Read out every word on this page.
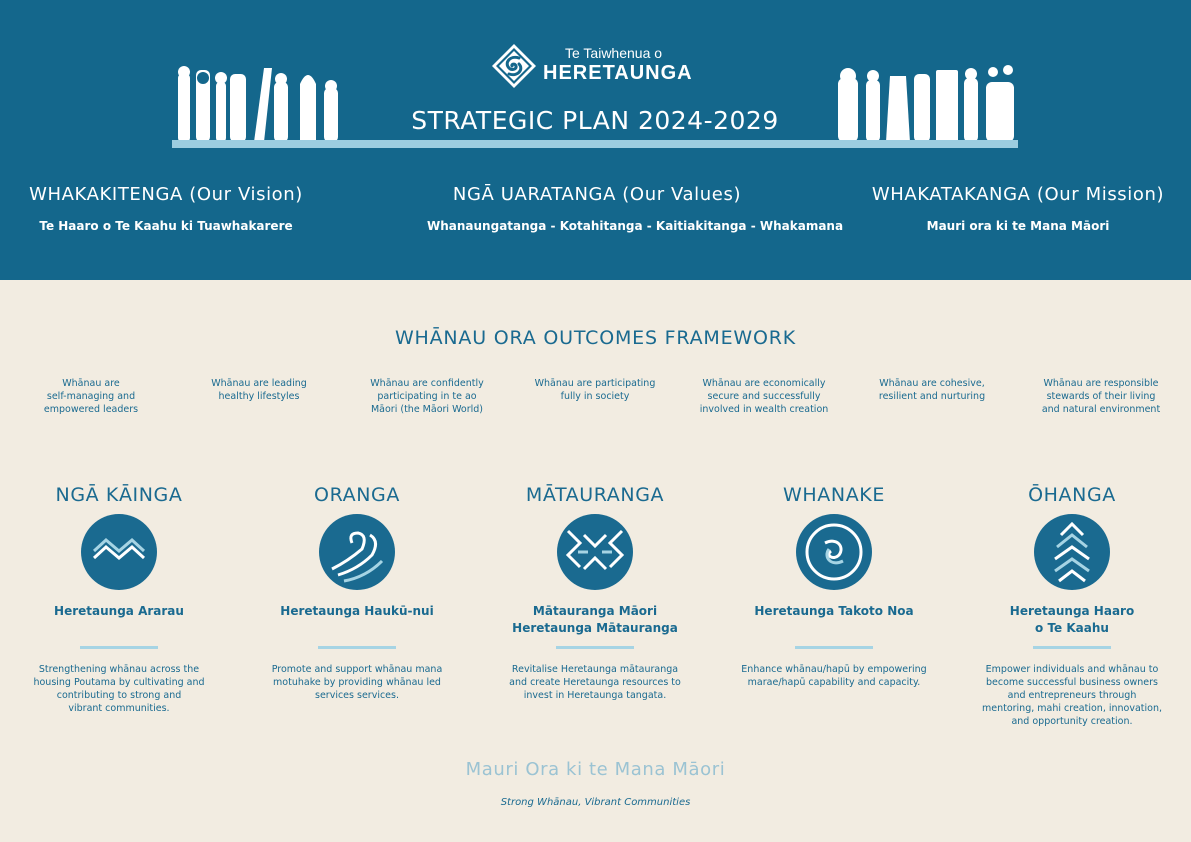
Te Taiwhenua o
HERETAUNGA
STRATEGIC PLAN 2024-2029
WHAKAKITENGA (Our Vision)
Te Haaro o Te Kaahu ki Tuawhakarere
NGĀ UARATANGA (Our Values)
Whanaungatanga - Kotahitanga - Kaitiakitanga - Whakamana
WHAKATAKANGA (Our Mission)
Mauri ora ki te Mana Māori
WHĀNAU ORA OUTCOMES FRAMEWORK
Whānau are
self-managing and
empowered leaders
Whānau are leading
healthy lifestyles
Whānau are confidently
participating in te ao
Māori (the Māori World)
Whānau are participating
fully in society
Whānau are economically
secure and successfully
involved in wealth creation
Whānau are cohesive,
resilient and nurturing
Whānau are responsible
stewards of their living
and natural environment
NGĀ KĀINGA
Heretaunga Ararau
Strengthening whānau across the
housing Poutama by cultivating and
contributing to strong and
vibrant communities.
ORANGA
Heretaunga Haukū-nui
Promote and support whānau mana
motuhake by providing whānau led
services services.
MĀTAURANGA
Mātauranga Māori
Heretaunga Mātauranga
Revitalise Heretaunga mātauranga
and create Heretaunga resources to
invest in Heretaunga tangata.
WHANAKE
Heretaunga Takoto Noa
Enhance whānau/hapū by empowering
marae/hapū capability and capacity.
ŌHANGA
Heretaunga Haaro
o Te Kaahu
Empower individuals and whānau to
become successful business owners
and entrepreneurs through
mentoring, mahi creation, innovation,
and opportunity creation.
Mauri Ora ki te Mana Māori
Strong Whānau, Vibrant Communities
